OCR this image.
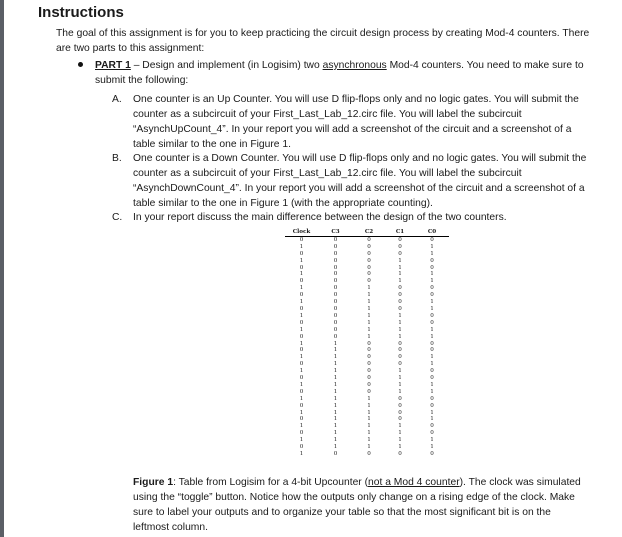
Instructions

The goal of this assignment is for you to keep practicing the circuit design process by creating Mod-4 counters. There are two parts to this assignment:

PART 1 – Design and implement (in Logisim) two asynchronous Mod-4 counters. You need to make sure to submit the following:

A. One counter is an Up Counter. You will use D flip-flops only and no logic gates. You will submit the counter as a subcircuit of your First_Last_Lab_12.circ file. You will label the subcircuit “AsynchUpCount_4”. In your report you will add a screenshot of the circuit and a screenshot of a table similar to the one in Figure 1.

B. One counter is a Down Counter. You will use D flip-flops only and no logic gates. You will submit the counter as a subcircuit of your First_Last_Lab_12.circ file. You will label the subcircuit “AsynchDownCount_4”. In your report you will add a screenshot of the circuit and a screenshot of a table similar to the one in Figure 1 (with the appropriate counting).

C. In your report discuss the main difference between the design of the two counters.

Clock	C3	C2	C1	C0
0	0	0	0	0
1	0	0	0	1
0	0	0	0	1
1	0	0	1	0
0	0	0	1	0
1	0	0	1	1
0	0	0	1	1
1	0	1	0	0
0	0	1	0	0
1	0	1	0	1
0	0	1	0	1
1	0	1	1	0
0	0	1	1	0
1	0	1	1	1
0	0	1	1	1
1	1	0	0	0
0	1	0	0	0
1	1	0	0	1
0	1	0	0	1
1	1	0	1	0
0	1	0	1	0
1	1	0	1	1
0	1	0	1	1
1	1	1	0	0
0	1	1	0	0
1	1	1	0	1
0	1	1	0	1
1	1	1	1	0
0	1	1	1	0
1	1	1	1	1
0	1	1	1	1
1	0	0	0	0

Figure 1: Table from Logisim for a 4-bit Upcounter (not a Mod 4 counter). The clock was simulated using the “toggle” button. Notice how the outputs only change on a rising edge of the clock. Make sure to label your outputs and to organize your table so that the most significant bit is on the leftmost column.
